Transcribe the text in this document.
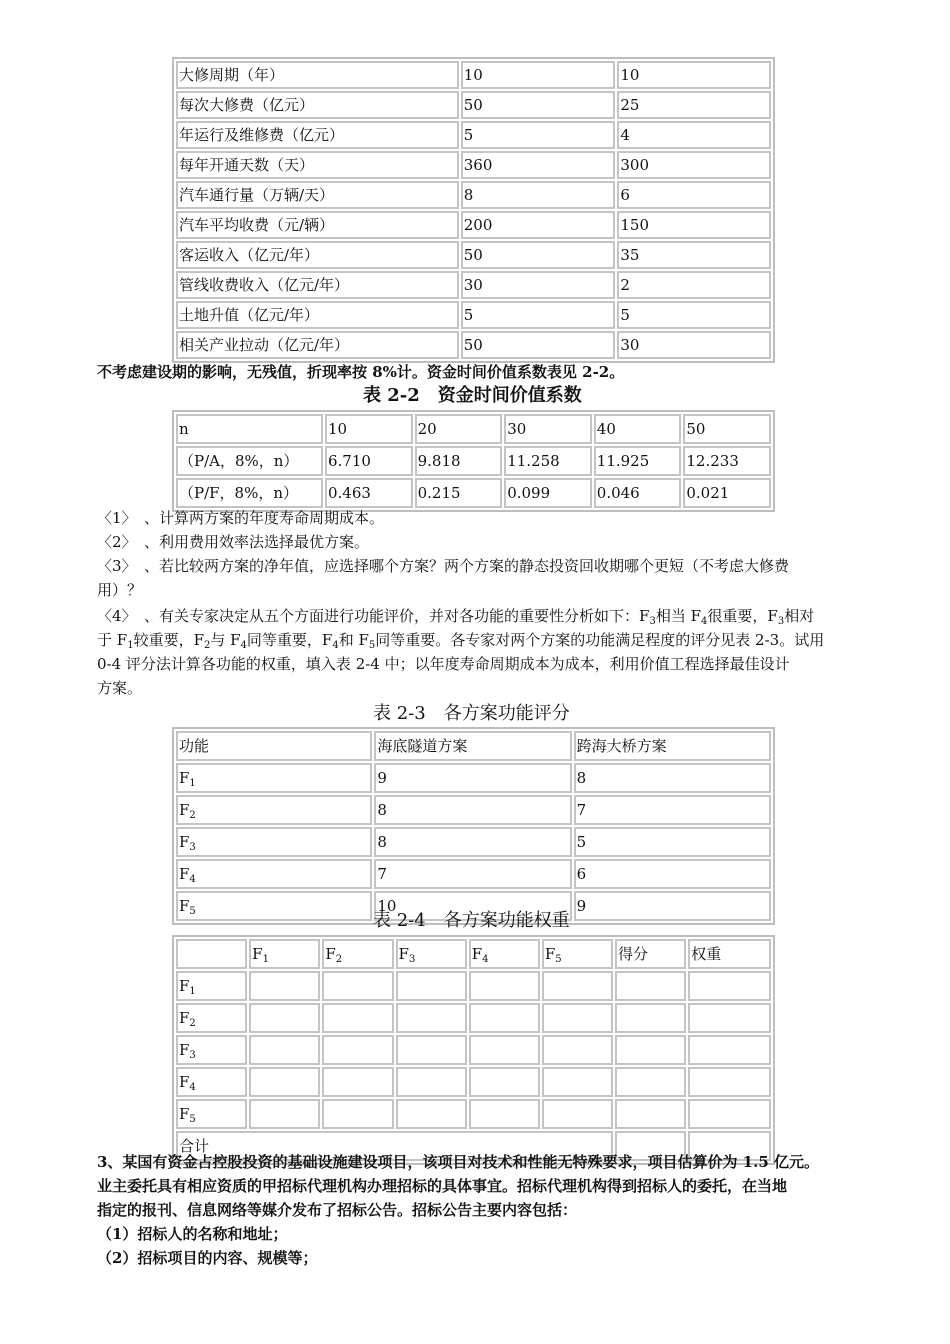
大修周期（年）	10	10
每次大修费（亿元）	50	25
年运行及维修费（亿元）	5	4
每年开通天数（天）	360	300
汽车通行量（万辆/天）	8	6
汽车平均收费（元/辆）	200	150
客运收入（亿元/年）	50	35
管线收费收入（亿元/年）	30	2
土地升值（亿元/年）	5	5
相关产业拉动（亿元/年）	50	30
不考虑建设期的影响，无残值，折现率按 8%计。资金时间价值系数表见 2-2。
表 2-2　资金时间价值系数
n	10	20	30	40	50
（P/A，8%，n）	6.710	9.818	11.258	11.925	12.233
（P/F，8%，n）	0.463	0.215	0.099	0.046	0.021
〈1〉　、计算两方案的年度寿命周期成本。
〈2〉　、利用费用效率法选择最优方案。
〈3〉　、若比较两方案的净年值，应选择哪个方案？两个方案的静态投资回收期哪个更短（不考虑大修费
用）？
〈4〉　、有关专家决定从五个方面进行功能评价，并对各功能的重要性分析如下：$F_3$相当 $F_4$很重要，$F_3$相对
于 $F_1$较重要，$F_2$与 $F_4$同等重要，$F_4$和 $F_5$同等重要。各专家对两个方案的功能满足程度的评分见表 2-3。试用
0-4 评分法计算各功能的权重，填入表 2-4 中；以年度寿命周期成本为成本，利用价值工程选择最佳设计
方案。
表 2-3　各方案功能评分
功能	海底隧道方案	跨海大桥方案
$F_1$	9	8
$F_2$	8	7
$F_3$	8	5
$F_4$	7	6
$F_5$	10	9
表 2-4　各方案功能权重
	$F_1$	$F_2$	$F_3$	$F_4$	$F_5$	得分	权重
$F_1$							
$F_2$							
$F_3$							
$F_4$							
$F_5$							
合计							
3、某国有资金占控股投资的基础设施建设项目，该项目对技术和性能无特殊要求，项目估算价为 1.5 亿元。
业主委托具有相应资质的甲招标代理机构办理招标的具体事宜。招标代理机构得到招标人的委托，在当地
指定的报刊、信息网络等媒介发布了招标公告。招标公告主要内容包括：
（1）招标人的名称和地址；
（2）招标项目的内容、规模等；
